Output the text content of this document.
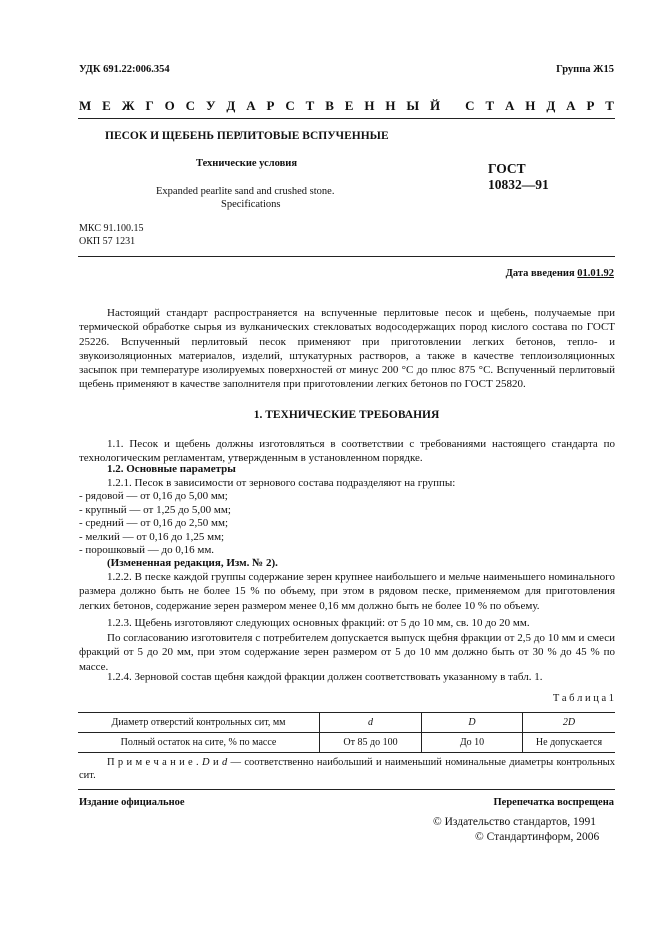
УДК 691.22:006.354	Группа Ж15
М Е Ж Г О С У Д А Р С Т В Е Н Н Ы Й
С Т А Н Д А Р Т
ПЕСОК И ЩЕБЕНЬ ПЕРЛИТОВЫЕ ВСПУЧЕННЫЕ
Технические условия
Expanded pearlite sand and crushed stone.
Specifications
ГОСТ
10832—91
МКС 91.100.15
ОКП 57 1231
Дата введения 01.01.92
Настоящий стандарт распространяется на вспученные перлитовые песок и щебень, получаемые при термической обработке сырья из вулканических стекловатых водосодержащих пород кислого состава по ГОСТ 25226. Вспученный перлитовый песок применяют при приготовлении легких бетонов, тепло- и звукоизоляционных материалов, изделий, штукатурных растворов, а также в качестве теплоизоляционных засыпок при температуре изолируемых поверхностей от минус 200 °С до плюс 875 °С. Вспученный перлитовый щебень применяют в качестве заполнителя при приготовлении легких бетонов по ГОСТ 25820.
1. ТЕХНИЧЕСКИЕ ТРЕБОВАНИЯ
1.1. Песок и щебень должны изготовляться в соответствии с требованиями настоящего стандарта по технологическим регламентам, утвержденным в установленном порядке.
1.2. Основные параметры
1.2.1. Песок в зависимости от зернового состава подразделяют на группы:
- рядовой — от 0,16 до 5,00 мм;
- крупный — от 1,25 до 5,00 мм;
- средний — от 0,16 до 2,50 мм;
- мелкий — от 0,16 до 1,25 мм;
- порошковый — до 0,16 мм.
(Измененная редакция, Изм. № 2).
1.2.2. В песке каждой группы содержание зерен крупнее наибольшего и мельче наименьшего номинального размера должно быть не более 15 % по объему, при этом в рядовом песке, применяемом для приготовления легких бетонов, содержание зерен размером менее 0,16 мм должно быть не более 10 % по объему.
1.2.3. Щебень изготовляют следующих основных фракций: от 5 до 10 мм, св. 10 до 20 мм.
По согласованию изготовителя с потребителем допускается выпуск щебня фракции от 2,5 до 10 мм и смеси фракций от 5 до 20 мм, при этом содержание зерен размером от 5 до 10 мм должно быть от 30 % до 45 % по массе.
1.2.4. Зерновой состав щебня каждой фракции должен соответствовать указанному в табл. 1.
Т а б л и ц а 1
Диаметр отверстий контрольных сит, мм	d	D	2D
Полный остаток на сите, % по массе	От 85 до 100	До 10	Не допускается
П р и м е ч а н и е . D и d — соответственно наибольший и наименьший номинальные диаметры контрольных сит.
Издание официальное	Перепечатка воспрещена
© Издательство стандартов, 1991
© Стандартинформ, 2006
